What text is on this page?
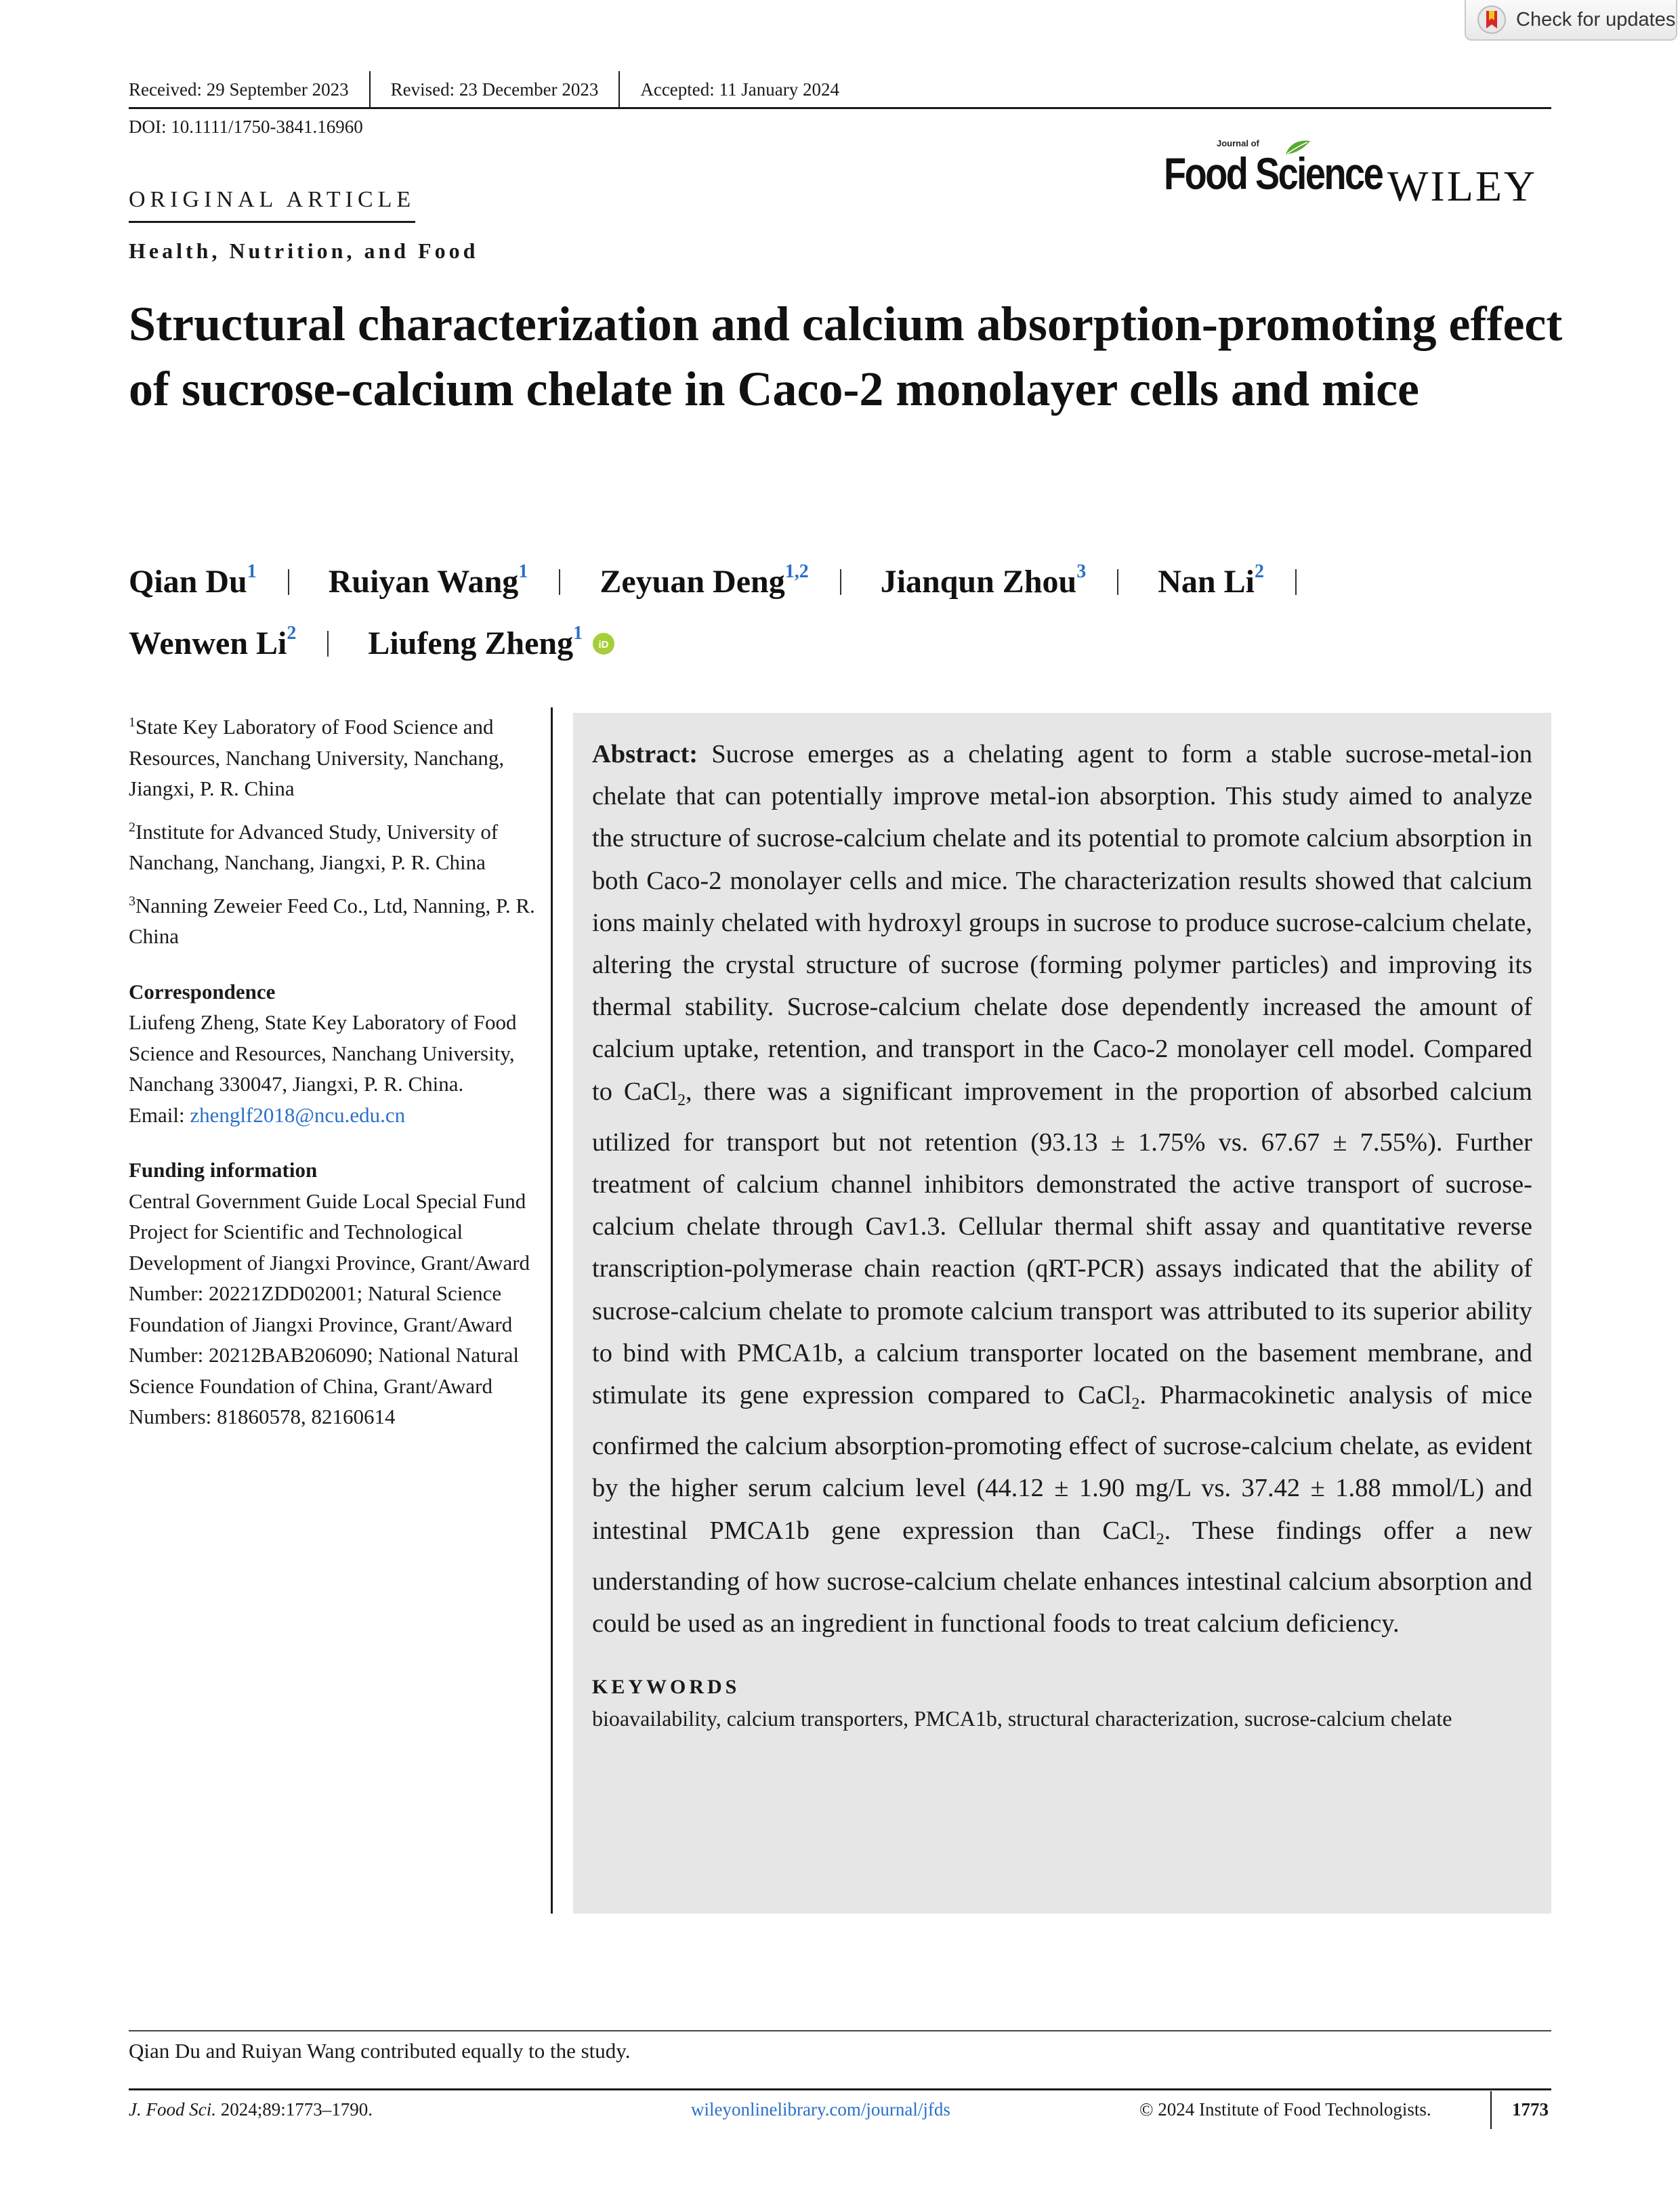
Check for updates
Received: 29 September 2023	Revised: 23 December 2023	Accepted: 11 January 2024
DOI: 10.1111/1750-3841.16960
Journal of
Food Science WILEY
ORIGINAL ARTICLE
Health, Nutrition, and Food
Structural characterization and calcium absorption-promoting effect of sucrose-calcium chelate in Caco-2 monolayer cells and mice
Qian Du$^1$ Ruiyan Wang$^1$ Zeyuan Deng$^{1,2}$ Jianqun Zhou$^3$ Nan Li$^2$
Wenwen Li$^2$ Liufeng Zheng$^1$
iD
$^1$State Key Laboratory of Food Science and Resources, Nanchang University, Nanchang, Jiangxi, P. R. China
$^2$Institute for Advanced Study, University of Nanchang, Nanchang, Jiangxi, P. R. China
$^3$Nanning Zeweier Feed Co., Ltd, Nanning, P. R. China
Correspondence
Liufeng Zheng, State Key Laboratory of Food Science and Resources, Nanchang University, Nanchang 330047, Jiangxi, P. R. China.
Email: zhenglf2018@ncu.edu.cn
Funding information
Central Government Guide Local Special Fund Project for Scientific and Technological Development of Jiangxi Province, Grant/Award Number: 20221ZDD02001; Natural Science Foundation of Jiangxi Province, Grant/Award Number: 20212BAB206090; National Natural Science Foundation of China, Grant/Award Numbers: 81860578, 82160614
Abstract: Sucrose emerges as a chelating agent to form a stable sucrose-metal-ion chelate that can potentially improve metal-ion absorption. This study aimed to analyze the structure of sucrose-calcium chelate and its potential to promote calcium absorption in both Caco-2 monolayer cells and mice. The characterization results showed that calcium ions mainly chelated with hydroxyl groups in sucrose to produce sucrose-calcium chelate, altering the crystal structure of sucrose (forming polymer particles) and improving its thermal stability. Sucrose-calcium chelate dose dependently increased the amount of calcium uptake, retention, and transport in the Caco-2 monolayer cell model. Compared to CaCl$_2$, there was a significant improvement in the proportion of absorbed calcium utilized for transport but not retention (93.13 ± 1.75% vs. 67.67 ± 7.55%). Further treatment of calcium channel inhibitors demonstrated the active transport of sucrose-calcium chelate through Cav1.3. Cellular thermal shift assay and quantitative reverse transcription-polymerase chain reaction (qRT-PCR) assays indicated that the ability of sucrose-calcium chelate to promote calcium transport was attributed to its superior ability to bind with PMCA1b, a calcium transporter located on the basement membrane, and stimulate its gene expression compared to CaCl$_2$. Pharmacokinetic analysis of mice confirmed the calcium absorption-promoting effect of sucrose-calcium chelate, as evident by the higher serum calcium level (44.12 ± 1.90 mg/L vs. 37.42 ± 1.88 mmol/L) and intestinal PMCA1b gene expression than CaCl$_2$. These findings offer a new understanding of how sucrose-calcium chelate enhances intestinal calcium absorption and could be used as an ingredient in functional foods to treat calcium deficiency.
KEYWORDS
bioavailability, calcium transporters, PMCA1b, structural characterization, sucrose-calcium chelate
Qian Du and Ruiyan Wang contributed equally to the study.
J. Food Sci. 2024;89:1773–1790.	wileyonlinelibrary.com/journal/jfds	© 2024 Institute of Food Technologists.	1773
